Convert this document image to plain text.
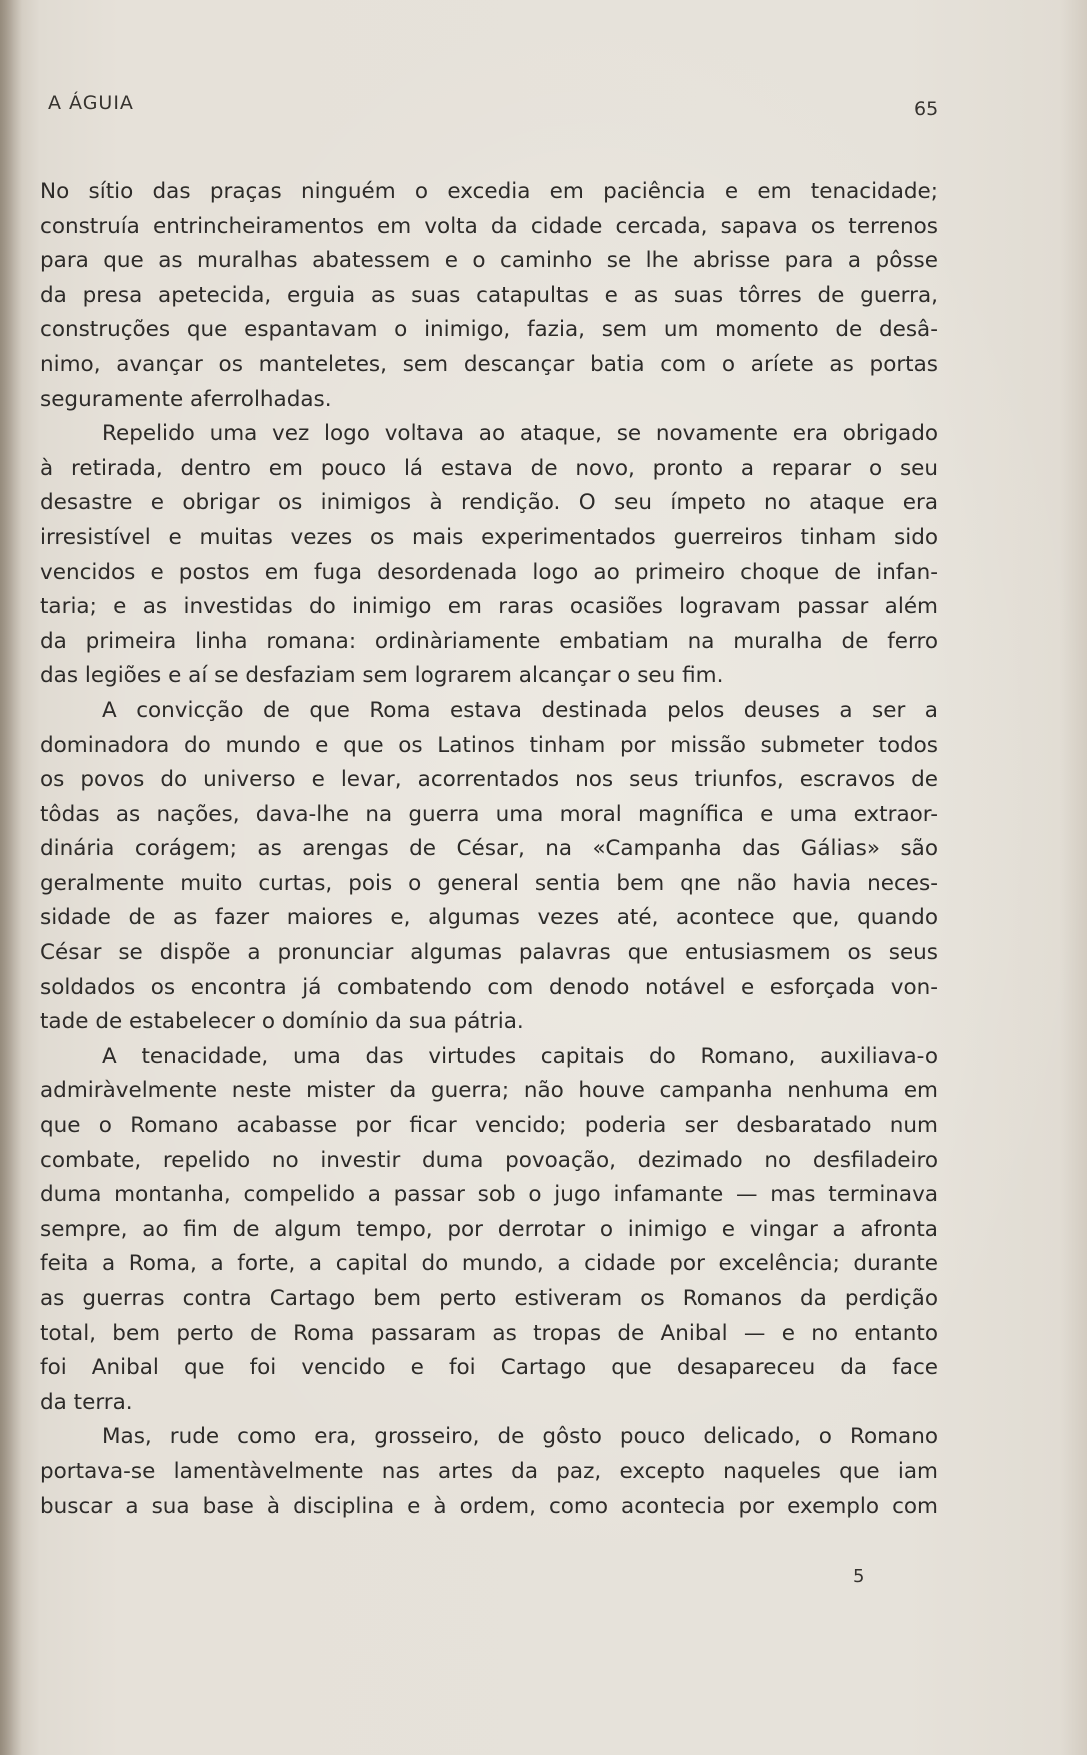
A ÁGUIA	65
No sítio das praças ninguém o excedia em paciência e em tenacidade;
construía entrincheiramentos em volta da cidade cercada, sapava os terrenos
para que as muralhas abatessem e o caminho se lhe abrisse para a pôsse
da presa apetecida, erguia as suas catapultas e as suas tôrres de guerra,
construções que espantavam o inimigo, fazia, sem um momento de desâ-
nimo, avançar os manteletes, sem descançar batia com o aríete as portas
seguramente aferrolhadas.
Repelido uma vez logo voltava ao ataque, se novamente era obrigado
à retirada, dentro em pouco lá estava de novo, pronto a reparar o seu
desastre e obrigar os inimigos à rendição. O seu ímpeto no ataque era
irresistível e muitas vezes os mais experimentados guerreiros tinham sido
vencidos e postos em fuga desordenada logo ao primeiro choque de infan-
taria; e as investidas do inimigo em raras ocasiões logravam passar além
da primeira linha romana: ordinàriamente embatiam na muralha de ferro
das legiões e aí se desfaziam sem lograrem alcançar o seu fim.
A convicção de que Roma estava destinada pelos deuses a ser a
dominadora do mundo e que os Latinos tinham por missão submeter todos
os povos do universo e levar, acorrentados nos seus triunfos, escravos de
tôdas as nações, dava-lhe na guerra uma moral magnífica e uma extraor-
dinária corágem; as arengas de César, na «Campanha das Gálias» são
geralmente muito curtas, pois o general sentia bem qne não havia neces-
sidade de as fazer maiores e, algumas vezes até, acontece que, quando
César se dispõe a pronunciar algumas palavras que entusiasmem os seus
soldados os encontra já combatendo com denodo notável e esforçada von-
tade de estabelecer o domínio da sua pátria.
A tenacidade, uma das virtudes capitais do Romano, auxiliava-o
admiràvelmente neste mister da guerra; não houve campanha nenhuma em
que o Romano acabasse por ficar vencido; poderia ser desbaratado num
combate, repelido no investir duma povoação, dezimado no desfiladeiro
duma montanha, compelido a passar sob o jugo infamante — mas terminava
sempre, ao fim de algum tempo, por derrotar o inimigo e vingar a afronta
feita a Roma, a forte, a capital do mundo, a cidade por excelência; durante
as guerras contra Cartago bem perto estiveram os Romanos da perdição
total, bem perto de Roma passaram as tropas de Anibal — e no entanto
foi Anibal que foi vencido e foi Cartago que desapareceu da face
da terra.
Mas, rude como era, grosseiro, de gôsto pouco delicado, o Romano
portava-se lamentàvelmente nas artes da paz, excepto naqueles que iam
buscar a sua base à disciplina e à ordem, como acontecia por exemplo com
5
